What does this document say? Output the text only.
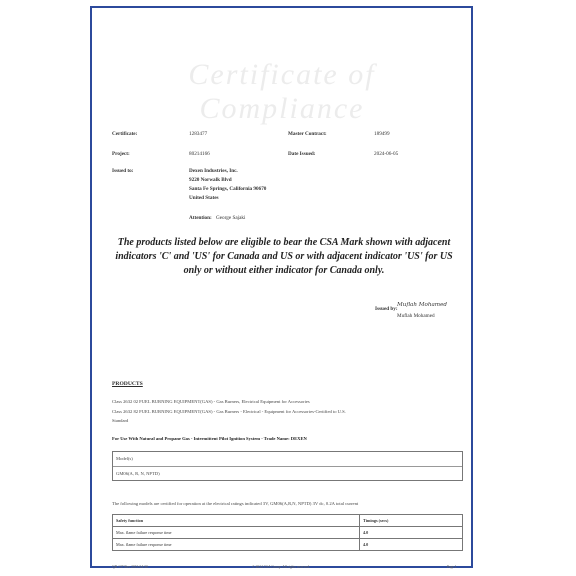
Certificate of Compliance
Certificate:	1283477	Master Contract:	189499
Project:	80214166	Date Issued:	2024-06-05
Issued to:	Dexen Industries, Inc.
9220 Norwalk Blvd
Santa Fe Springs, California 90670
United States
Attention: George Sajaki
The products listed below are eligible to bear the CSA Mark shown with adjacent indicators 'C' and 'US' for Canada and US or with adjacent indicator 'US' for US only or without either indicator for Canada only.
Issued by:
Muflah Mohamed
Muflah Mohamed
PRODUCTS
Class 2632 02 FUEL BURNING EQUIPMENT(GAS) - Gas Burners, Electrical Equipment for Accessories
Class 2632 82 FUEL BURNING EQUIPMENT(GAS) - Gas Burners - Electrical - Equipment for Accessories-Certified to U.S.
Standard
For Use With Natural and Propane Gas - Intermittent Pilot Ignition System - Trade Name: DEXEN
Model(s)
GM06(A, R, N, NPTD)
The following models are certified for operation at the electrical ratings indicated 3V, GM06(A,R,N, NPTD) 3V dc, 0.2A total current
Safety function	Timings (secs)
Max. flame failure response time	4.0
Max. flame failure response time	4.0
QD 137 Rev 2013-04-30	© 2024 CSA Group. All rights reserved.	Page 1
